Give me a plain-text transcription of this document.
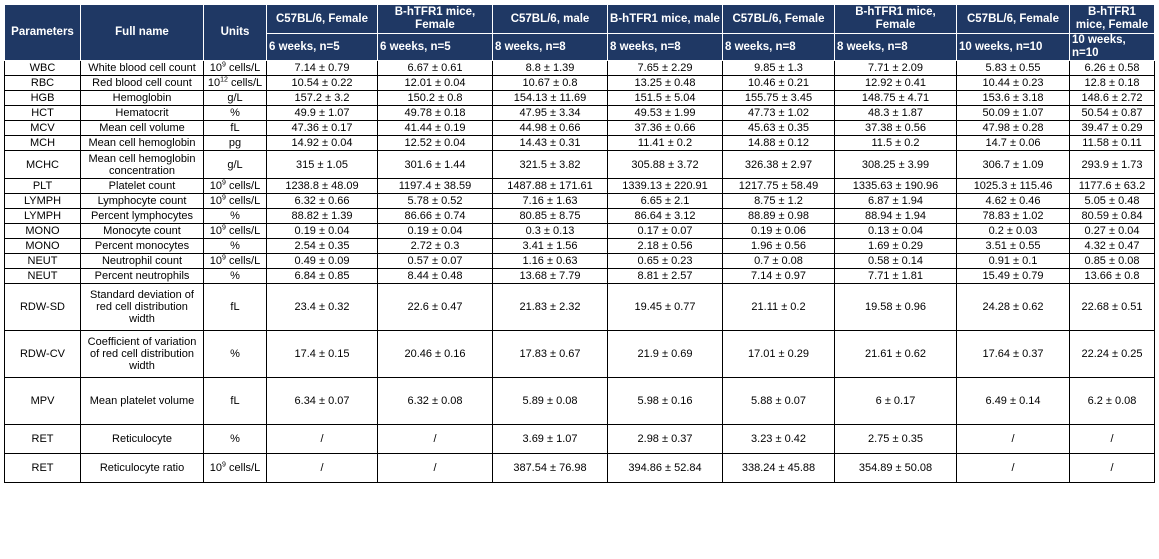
Parameters	Full name	Units	C57BL/6, Female	B-hTFR1 mice, Female	C57BL/6, male	B-hTFR1 mice, male	C57BL/6, Female	B-hTFR1 mice, Female	C57BL/6, Female	B-hTFR1 mice, Female
			6 weeks, n=5	6 weeks, n=5	8 weeks, n=8	8 weeks, n=8	8 weeks, n=8	8 weeks, n=8	10 weeks, n=10	10 weeks, n=10
WBC	White blood cell count	$10^9$ cells/L	7.14 ± 0.79	6.67 ± 0.61	8.8 ± 1.39	7.65 ± 2.29	9.85 ± 1.3	7.71 ± 2.09	5.83 ± 0.55	6.26 ± 0.58
RBC	Red blood cell count	$10^{12}$ cells/L	10.54 ± 0.22	12.01 ± 0.04	10.67 ± 0.8	13.25 ± 0.48	10.46 ± 0.21	12.92 ± 0.41	10.44 ± 0.23	12.8 ± 0.18
HGB	Hemoglobin	g/L	157.2 ± 3.2	150.2 ± 0.8	154.13 ± 11.69	151.5 ± 5.04	155.75 ± 3.45	148.75 ± 4.71	153.6 ± 3.18	148.6 ± 2.72
HCT	Hematocrit	%	49.9 ± 1.07	49.78 ± 0.18	47.95 ± 3.34	49.53 ± 1.99	47.73 ± 1.02	48.3 ± 1.87	50.09 ± 1.07	50.54 ± 0.87
MCV	Mean cell volume	fL	47.36 ± 0.17	41.44 ± 0.19	44.98 ± 0.66	37.36 ± 0.66	45.63 ± 0.35	37.38 ± 0.56	47.98 ± 0.28	39.47 ± 0.29
MCH	Mean cell hemoglobin	pg	14.92 ± 0.04	12.52 ± 0.04	14.43 ± 0.31	11.41 ± 0.2	14.88 ± 0.12	11.5 ± 0.2	14.7 ± 0.06	11.58 ± 0.11
MCHC	Mean cell hemoglobin concentration	g/L	315 ± 1.05	301.6 ± 1.44	321.5 ± 3.82	305.88 ± 3.72	326.38 ± 2.97	308.25 ± 3.99	306.7 ± 1.09	293.9 ± 1.73
PLT	Platelet count	$10^9$ cells/L	1238.8 ± 48.09	1197.4 ± 38.59	1487.88 ± 171.61	1339.13 ± 220.91	1217.75 ± 58.49	1335.63 ± 190.96	1025.3 ± 115.46	1177.6 ± 63.2
LYMPH	Lymphocyte count	$10^9$ cells/L	6.32 ± 0.66	5.78 ± 0.52	7.16 ± 1.63	6.65 ± 2.1	8.75 ± 1.2	6.87 ± 1.94	4.62 ± 0.46	5.05 ± 0.48
LYMPH	Percent lymphocytes	%	88.82 ± 1.39	86.66 ± 0.74	80.85 ± 8.75	86.64 ± 3.12	88.89 ± 0.98	88.94 ± 1.94	78.83 ± 1.02	80.59 ± 0.84
MONO	Monocyte count	$10^9$ cells/L	0.19 ± 0.04	0.19 ± 0.04	0.3 ± 0.13	0.17 ± 0.07	0.19 ± 0.06	0.13 ± 0.04	0.2 ± 0.03	0.27 ± 0.04
MONO	Percent monocytes	%	2.54 ± 0.35	2.72 ± 0.3	3.41 ± 1.56	2.18 ± 0.56	1.96 ± 0.56	1.69 ± 0.29	3.51 ± 0.55	4.32 ± 0.47
NEUT	Neutrophil count	$10^9$ cells/L	0.49 ± 0.09	0.57 ± 0.07	1.16 ± 0.63	0.65 ± 0.23	0.7 ± 0.08	0.58 ± 0.14	0.91 ± 0.1	0.85 ± 0.08
NEUT	Percent neutrophils	%	6.84 ± 0.85	8.44 ± 0.48	13.68 ± 7.79	8.81 ± 2.57	7.14 ± 0.97	7.71 ± 1.81	15.49 ± 0.79	13.66 ± 0.8
RDW-SD	Standard deviation of red cell distribution width	fL	23.4 ± 0.32	22.6 ± 0.47	21.83 ± 2.32	19.45 ± 0.77	21.11 ± 0.2	19.58 ± 0.96	24.28 ± 0.62	22.68 ± 0.51
RDW-CV	Coefficient of variation of red cell distribution width	%	17.4 ± 0.15	20.46 ± 0.16	17.83 ± 0.67	21.9 ± 0.69	17.01 ± 0.29	21.61 ± 0.62	17.64 ± 0.37	22.24 ± 0.25
MPV	Mean platelet volume	fL	6.34 ± 0.07	6.32 ± 0.08	5.89 ± 0.08	5.98 ± 0.16	5.88 ± 0.07	6 ± 0.17	6.49 ± 0.14	6.2 ± 0.08
RET	Reticulocyte	%	/	/	3.69 ± 1.07	2.98 ± 0.37	3.23 ± 0.42	2.75 ± 0.35	/	/
RET	Reticulocyte ratio	$10^9$ cells/L	/	/	387.54 ± 76.98	394.86 ± 52.84	338.24 ± 45.88	354.89 ± 50.08	/	/
